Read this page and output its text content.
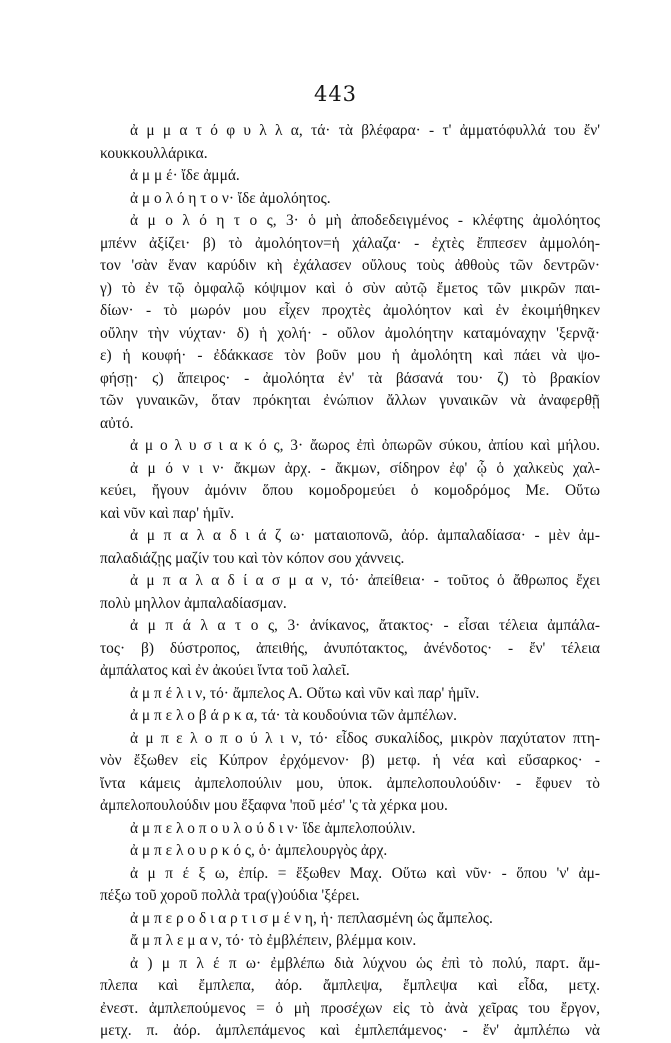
443
ἀ μ μ α τ ό φ υ λ λ α, τά· τὰ βλέφαρα· - τ' ἀμματόφυλλά του ἔν'
κουκκουλλάρικα.
ἀ μ μ έ· ἴδε ἀμμά.
ἀ μ ο λ ό η τ ο ν· ἴδε ἀμολόητος.
ἀ μ ο λ ό η τ ο ς, 3· ὁ μὴ ἀποδεδειγμένος - κλέφτης ἀμολόητος
μπένν ἀξίζει· β) τὸ ἀμολόητον=ἡ χάλαζα· - ἐχτὲς ἔππεσεν ἀμμολόη-
τον 'σὰν ἕναν καρύδιν κὴ ἐχάλασεν οὔλους τοὺς ἀθθοὺς τῶν δεντρῶν·
γ) τὸ ἐν τῷ ὀμφαλῷ κόψιμον καὶ ὁ σὺν αὐτῷ ἔμετος τῶν μικρῶν παι-
δίων· - τὸ μωρόν μου εἶχεν προχτὲς ἀμολόητον καὶ ἐν ἐκοιμήθηκεν
οὔλην τὴν νύχταν· δ) ἡ χολή· - οὔλον ἀμολόητην καταμόναχην 'ξερνᾷ·
ε) ἡ κουφή· - ἐδάκκασε τὸν βοῦν μου ἡ ἀμολόητη καὶ πάει νὰ ψο-
φήσῃ· ϛ) ἄπειρος· - ἀμολόητα ἐν' τὰ βάσανά του· ζ) τὸ βρακίον
τῶν γυναικῶν, ὅταν πρόκηται ἐνώπιον ἄλλων γυναικῶν νὰ ἀναφερθῇ
αὐτό.
ἀ μ ο λ υ σ ι α κ ό ς, 3· ἄωρος ἐπὶ ὀπωρῶν σύκου, ἀπίου καὶ μήλου.
ἀ μ ό ν ι ν· ἄκμων ἀρχ. - ἄκμων, σίδηρον ἐφ' ᾧ ὁ χαλκεὺς χαλ-
κεύει, ἤγουν ἀμόνιν ὅπου κομοδρομεύει ὁ κομοδρόμος Με. Οὕτω
καὶ νῦν καὶ παρ' ἡμῖν.
ἀ μ π α λ α δ ι ά ζ ω· ματαιοπονῶ, ἀόρ. ἀμπαλαδίασα· - μὲν ἀμ-
παλαδιάζῃς μαζίν του καὶ τὸν κόπον σου χάννεις.
ἀ μ π α λ α δ ί α σ μ α ν, τό· ἀπείθεια· - τοῦτος ὁ ἄθρωπος ἔχει
πολὺ μηλλον ἀμπαλαδίασμαν.
ἀ μ π ά λ α τ ο ς, 3· ἀνίκανος, ἄτακτος· - εἶσαι τέλεια ἀμπάλα-
τος· β) δύστροπος, ἀπειθής, ἀνυπότακτος, ἀνένδοτος· - ἔν' τέλεια
ἀμπάλατος καὶ ἐν ἀκούει ἴντα τοῦ λαλεῖ.
ἀ μ π έ λ ι ν, τό· ἄμπελος Α. Οὕτω καὶ νῦν καὶ παρ' ἡμῖν.
ἀ μ π ε λ ο β ά ρ κ α, τά· τὰ κουδούνια τῶν ἀμπέλων.
ἀ μ π ε λ ο π ο ύ λ ι ν, τό· εἶδος συκαλίδος, μικρὸν παχύτατον πτη-
νὸν ἔξωθεν εἰς Κύπρον ἐρχόμενον· β) μετφ. ἡ νέα καὶ εὔσαρκος· -
ἴντα κάμεις ἀμπελοπούλιν μου, ὑποκ. ἀμπελοπουλούδιν· - ἔφυεν τὸ
ἀμπελοπουλούδιν μου ἔξαφνα 'ποῦ μέσ' 'ς τὰ χέρκα μου.
ἀ μ π ε λ ο π ο υ λ ο ύ δ ι ν· ἴδε ἀμπελοπούλιν.
ἀ μ π ε λ ο υ ρ κ ό ς, ὁ· ἀμπελουργὸς ἀρχ.
ἀ μ π έ ξ ω, ἐπίρ. = ἔξωθεν Μαχ. Οὕτω καὶ νῦν· - ὅπου 'ν' ἀμ-
πέξω τοῦ χοροῦ πολλὰ τρα(γ)ούδια 'ξέρει.
ἀ μ π ε ρ ο δ ι α ρ τ ι σ μ έ ν η, ἡ· πεπλασμένη ὡς ἄμπελος.
ἄ μ π λ ε μ α ν, τό· τὸ ἐμβλέπειν, βλέμμα κοιν.
ἀ ) μ π λ έ π ω· ἐμβλέπω διὰ λύχνου ὡς ἐπὶ τὸ πολύ, παρτ. ἄμ-
πλεπα καὶ ἔμπλεπα, ἀόρ. ἄμπλεψα, ἔμπλεψα καὶ εἶδα, μετχ.
ἐνεστ. ἀμπλεπούμενος = ὁ μὴ προσέχων εἰς τὸ ἀνὰ χεῖρας του ἔργον,
μετχ. π. ἀόρ. ἀμπλεπάμενος καὶ ἐμπλεπάμενος· - ἔν' ἀμπλέπω νὰ
